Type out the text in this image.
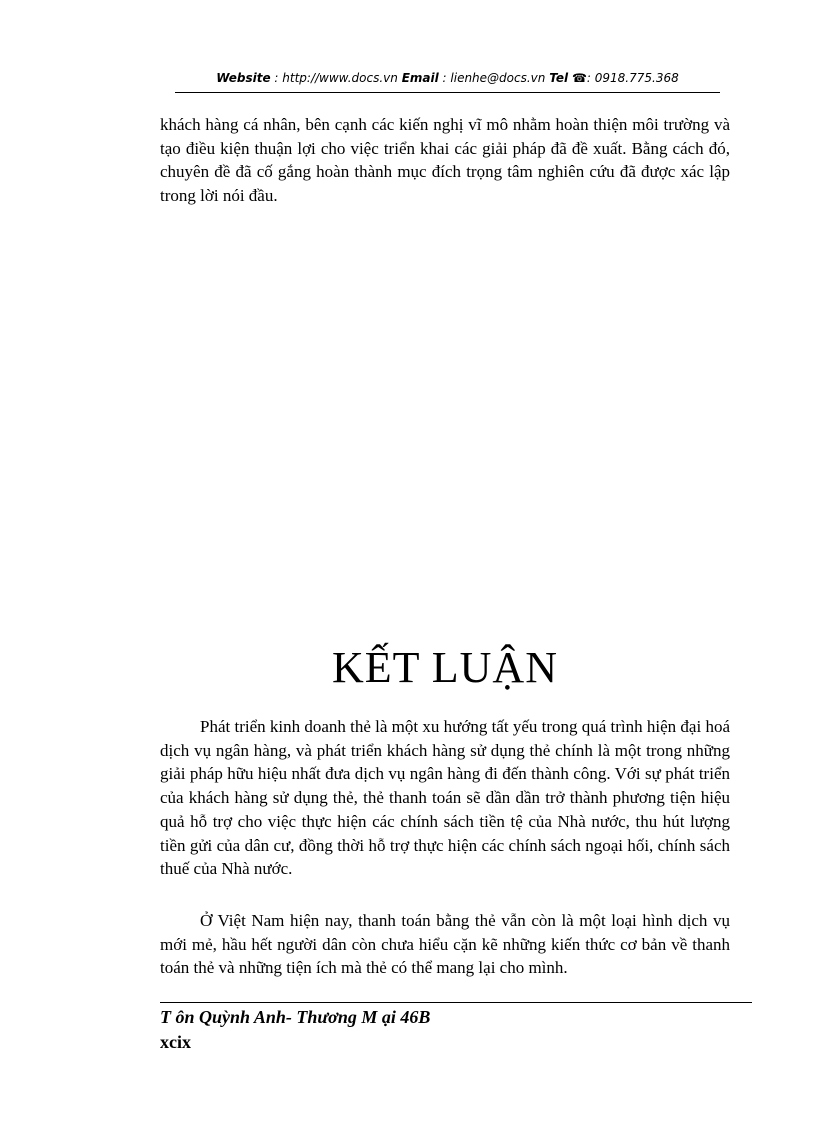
Website : http://www.docs.vn Email : lienhe@docs.vn Tel ☎: 0918.775.368

khách hàng cá nhân, bên cạnh các kiến nghị vĩ mô nhằm hoàn thiện môi trường và tạo điều kiện thuận lợi cho việc triển khai các giải pháp đã đề xuất. Bằng cách đó, chuyên đề đã cố gắng hoàn thành mục đích trọng tâm nghiên cứu đã được xác lập trong lời nói đầu.

KẾT LUẬN

Phát triển kinh doanh thẻ là một xu hướng tất yếu trong quá trình hiện đại hoá dịch vụ ngân hàng, và phát triển khách hàng sử dụng thẻ chính là một trong những giải pháp hữu hiệu nhất đưa dịch vụ ngân hàng đi đến thành công. Với sự phát triển của khách hàng sử dụng thẻ, thẻ thanh toán sẽ dần dần trở thành phương tiện hiệu quả hỗ trợ cho việc thực hiện các chính sách tiền tệ của Nhà nước, thu hút lượng tiền gửi của dân cư, đồng thời hỗ trợ thực hiện các chính sách ngoại hối, chính sách thuế của Nhà nước.

Ở Việt Nam hiện nay, thanh toán bằng thẻ vẫn còn là một loại hình dịch vụ mới mẻ, hầu hết người dân còn chưa hiểu cặn kẽ những kiến thức cơ bản về thanh toán thẻ và những tiện ích mà thẻ có thể mang lại cho mình.

T ôn Quỳnh Anh- Thương M ại 46B
xcix
